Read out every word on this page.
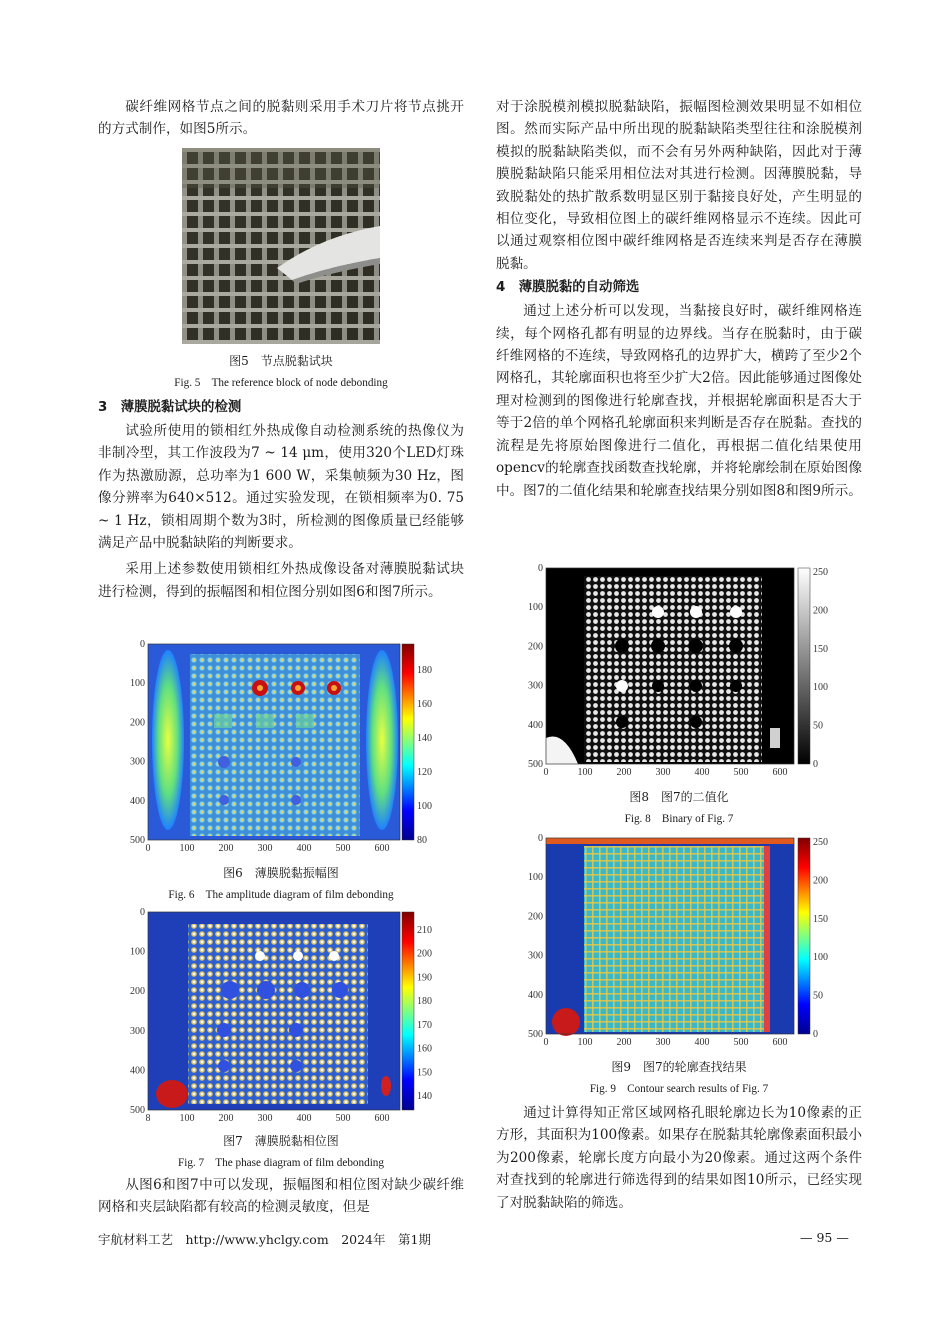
碳纤维网格节点之间的脱黏则采用手术刀片将节点挑开的方式制作，如图5所示。

图5　节点脱黏试块
Fig. 5　The reference block of node debonding
3　薄膜脱黏试块的检测

试验所使用的锁相红外热成像自动检测系统的热像仪为非制冷型，其工作波段为7 ~ 14 μm，使用320个LED灯珠作为热激励源，总功率为1 600 W，采集帧频为30 Hz，图像分辨率为640×512。通过实验发现，在锁相频率为0. 75 ~ 1 Hz，锁相周期个数为3时，所检测的图像质量已经能够满足产品中脱黏缺陷的判断要求。

采用上述参数使用锁相红外热成像设备对薄膜脱黏试块进行检测，得到的振幅图和相位图分别如图6和图7所示。

0
100
200
300
400
500
0	100 200 300 400 500 600
180
160
140
120
100
80
图6　薄膜脱黏振幅图
Fig. 6　The amplitude diagram of film debonding
0
100
200
300
400
500
8	100 200 300 400 500 600
210
200
190
180
170
160
150
140
图7　薄膜脱黏相位图
Fig. 7　The phase diagram of film debonding

从图6和图7中可以发现，振幅图和相位图对缺少碳纤维网格和夹层缺陷都有较高的检测灵敏度，但是

对于涂脱模剂模拟脱黏缺陷，振幅图检测效果明显不如相位图。然而实际产品中所出现的脱黏缺陷类型往往和涂脱模剂模拟的脱黏缺陷类似，而不会有另外两种缺陷，因此对于薄膜脱黏缺陷只能采用相位法对其进行检测。因薄膜脱黏，导致脱黏处的热扩散系数明显区别于黏接良好处，产生明显的相位变化，导致相位图上的碳纤维网格显示不连续。因此可以通过观察相位图中碳纤维网格是否连续来判是否存在薄膜脱黏。

4　薄膜脱黏的自动筛选

通过上述分析可以发现，当黏接良好时，碳纤维网格连续，每个网格孔都有明显的边界线。当存在脱黏时，由于碳纤维网格的不连续，导致网格孔的边界扩大，横跨了至少2个网格孔，其轮廓面积也将至少扩大2倍。因此能够通过图像处理对检测到的图像进行轮廓查找，并根据轮廓面积是否大于等于2倍的单个网格孔轮廓面积来判断是否存在脱黏。查找的流程是先将原始图像进行二值化，再根据二值化结果使用opencv的轮廓查找函数查找轮廓，并将轮廓绘制在原始图像中。图7的二值化结果和轮廓查找结果分别如图8和图9所示。

0
100
200
300
400
500
0	100 200 300 400 500 600
250
200
150
100
50
0
图8　图7的二值化
Fig. 8　Binary of Fig. 7
0
100
200
300
400
500
0	100 200 300 400 500 600
250
200
150
100
50
0
图9　图7的轮廓查找结果
Fig. 9　Contour search results of Fig. 7

通过计算得知正常区域网格孔眼轮廓边长为10像素的正方形，其面积为100像素。如果存在脱黏其轮廓像素面积最小为200像素，轮廓长度方向最小为20像素。通过这两个条件对查找到的轮廓进行筛选得到的结果如图10所示，已经实现了对脱黏缺陷的筛选。

宇航材料工艺　http://www.yhclgy.com　2024年　第1期	— 95 —
